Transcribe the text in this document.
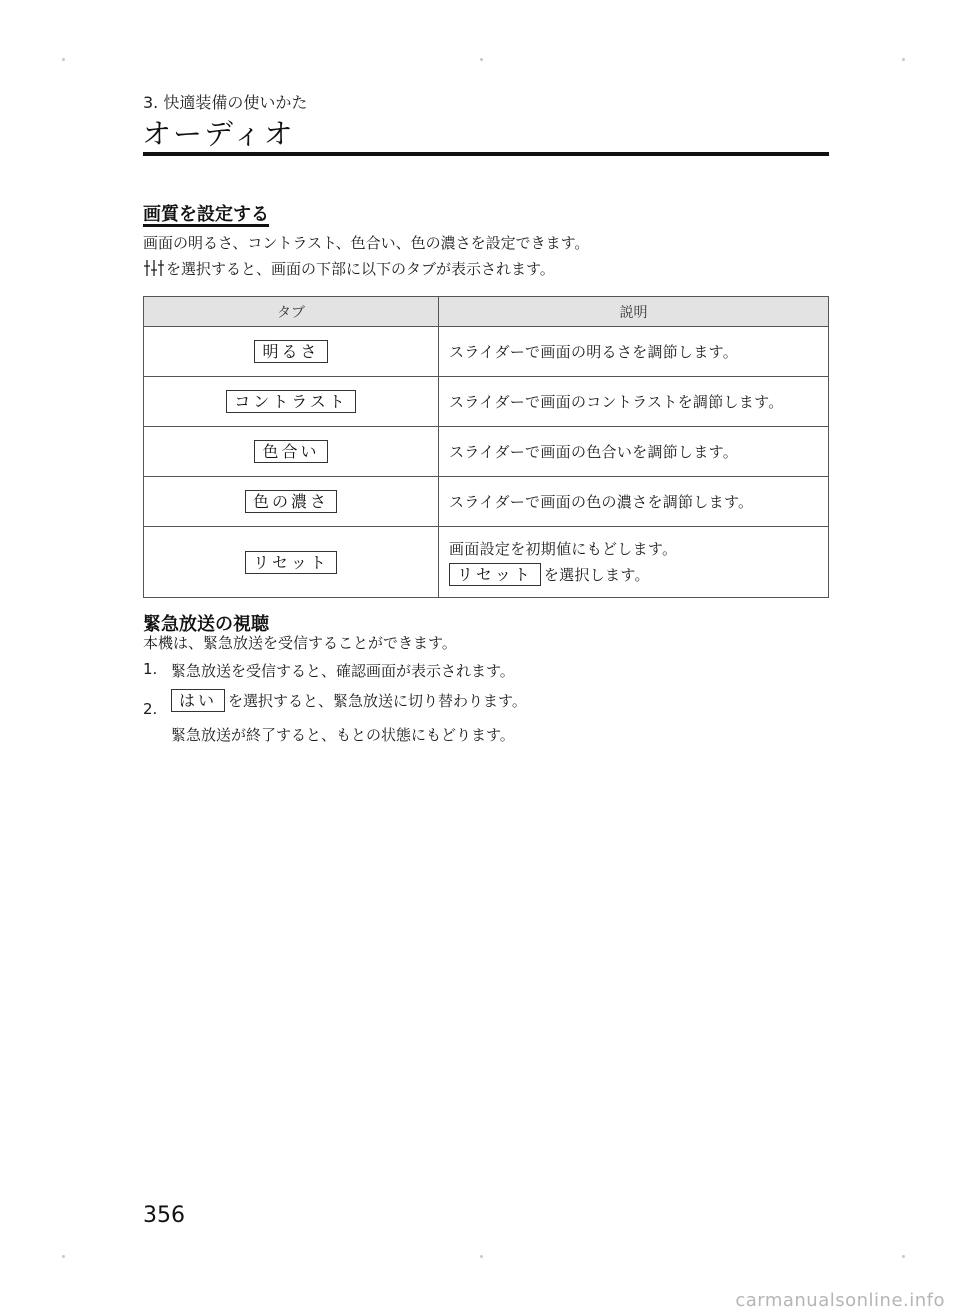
3. 快適装備の使いかた
オーディオ
画質を設定する
画面の明るさ、コントラスト、色合い、色の濃さを設定できます。
を選択すると、画面の下部に以下のタブが表示されます。
タブ	説明
明るさ	スライダーで画面の明るさを調節します。
コントラスト	スライダーで画面のコントラストを調節します。
色合い	スライダーで画面の色合いを調節します。
色の濃さ	スライダーで画面の色の濃さを調節します。
リセット	画面設定を初期値にもどします。
リセット を選択します。
緊急放送の視聴
本機は、緊急放送を受信することができます。
1. 緊急放送を受信すると、確認画面が表示されます。
2.	はい を選択すると、緊急放送に切り替わります。
緊急放送が終了すると、もとの状態にもどります。
356
carmanualsonline.info
